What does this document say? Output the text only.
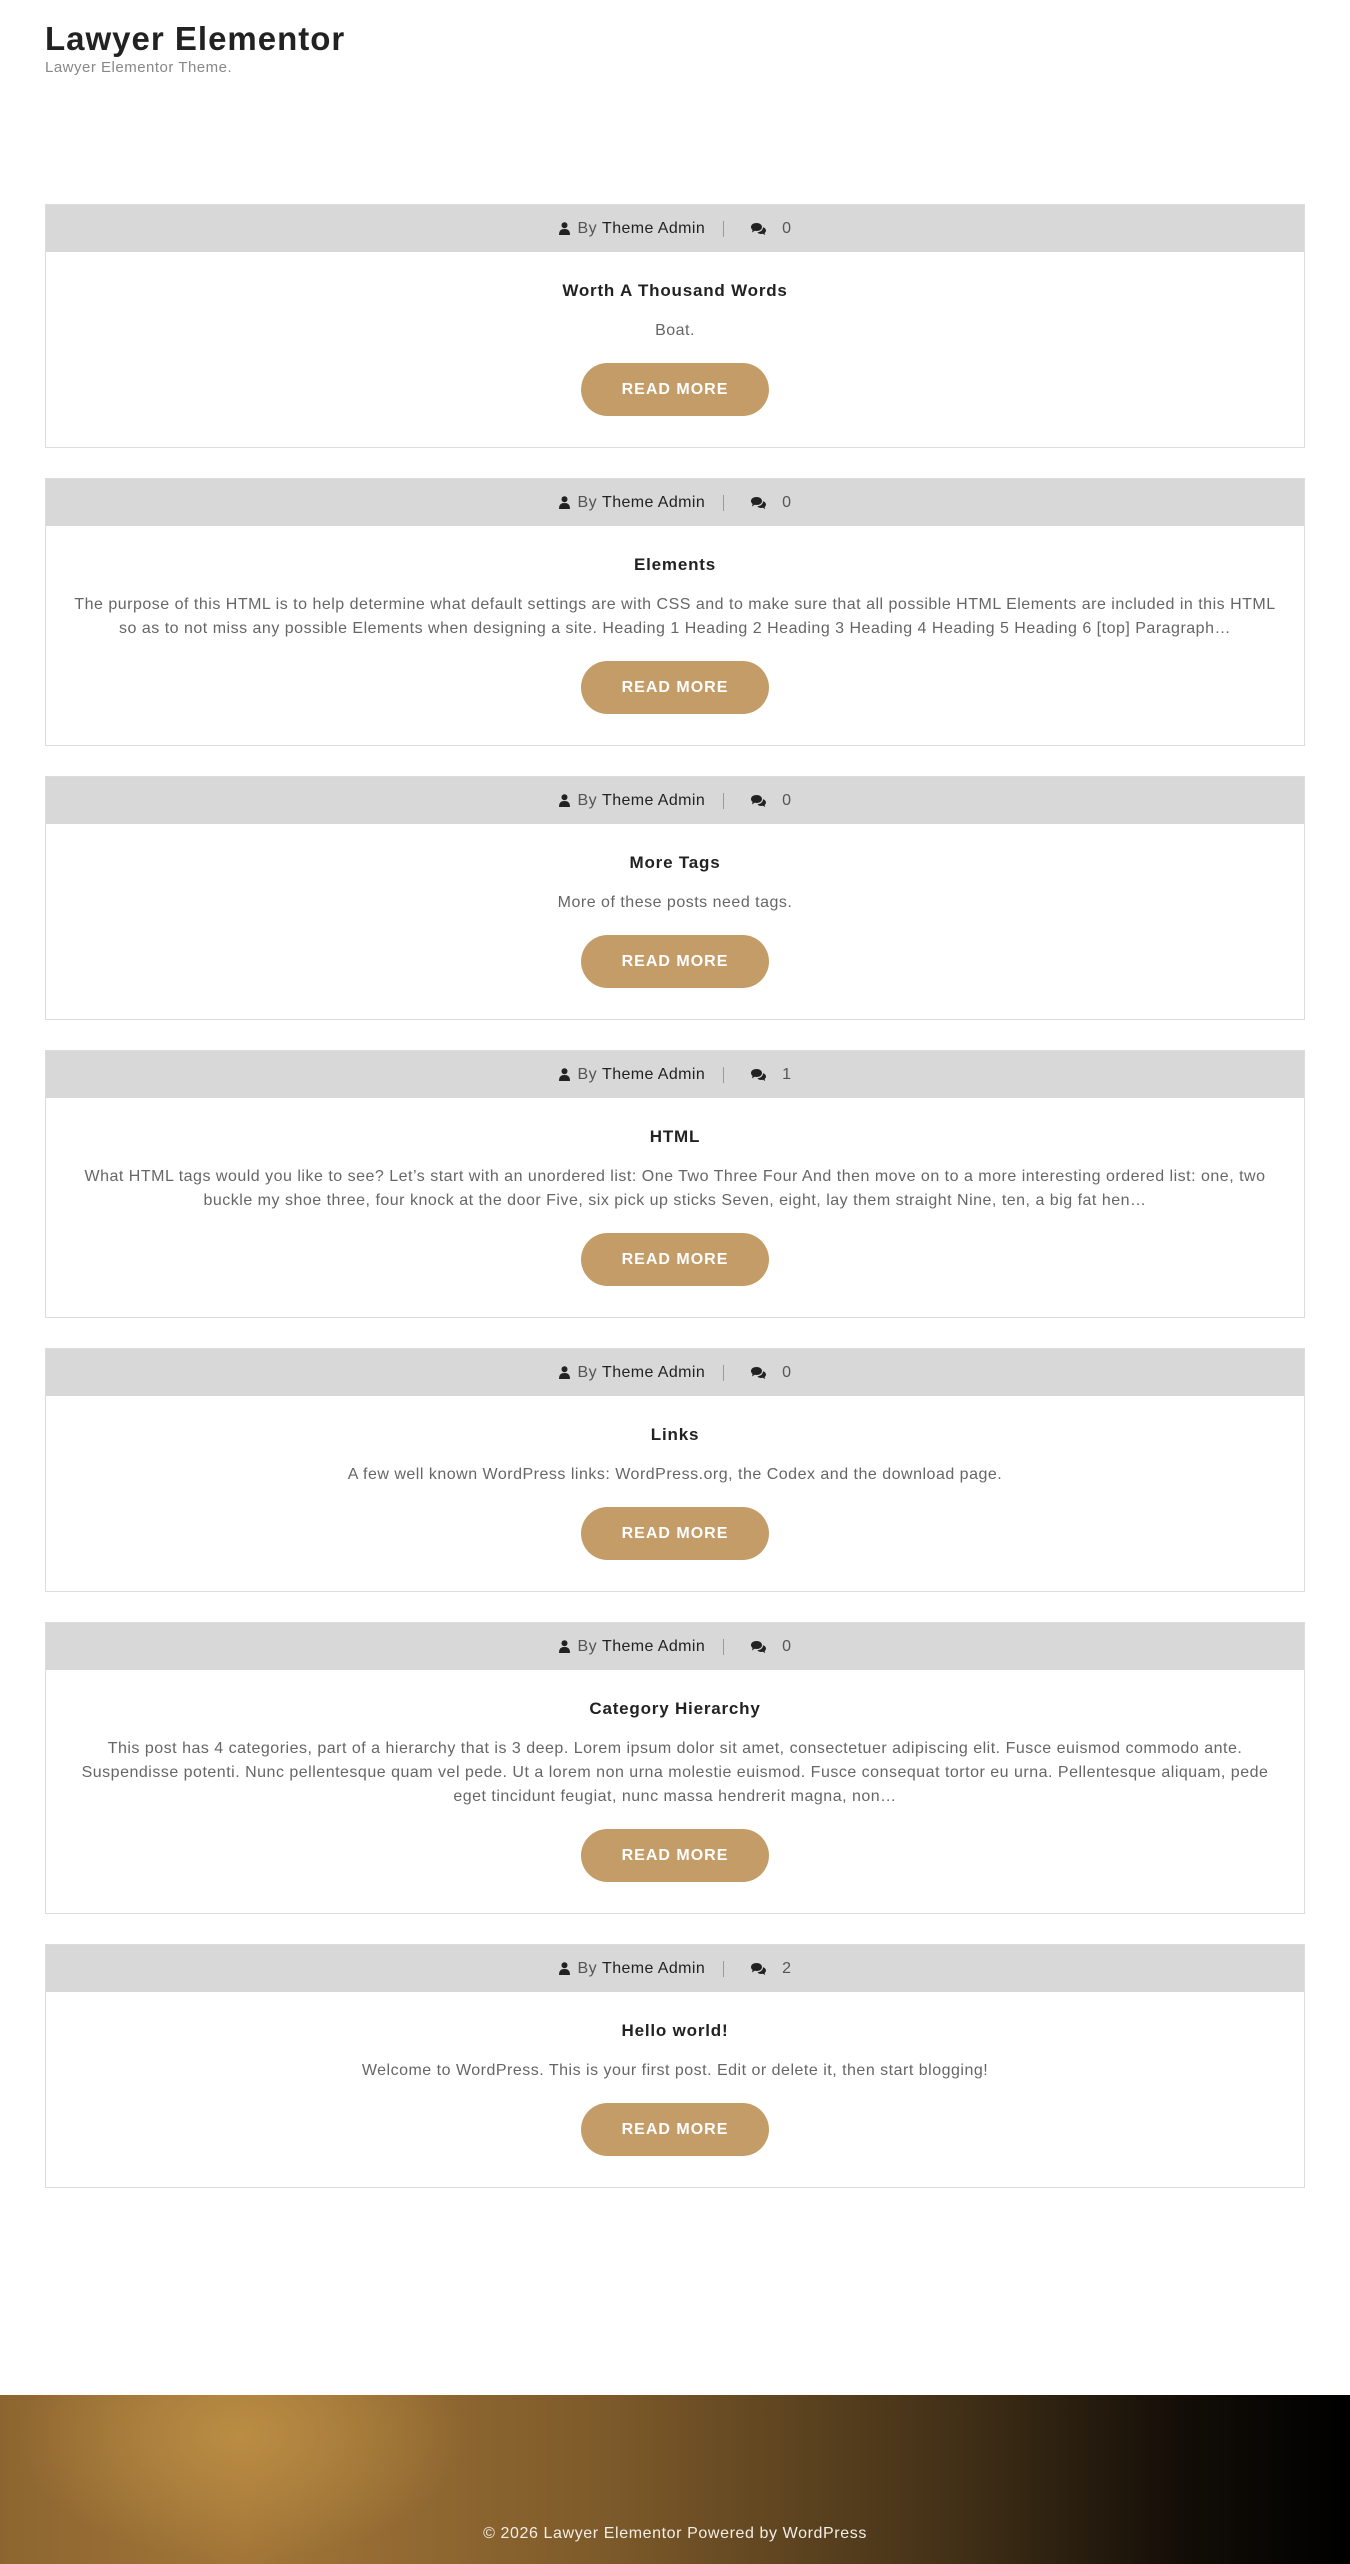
Lawyer Elementor

Lawyer Elementor Theme.

By Theme Admin	0
Worth A Thousand Words

Boat.

READ MORE
By Theme Admin	0
Elements

The purpose of this HTML is to help determine what default settings are with CSS and to make sure that all possible HTML Elements are included in this HTML so as to not miss any possible Elements when designing a site. Heading 1 Heading 2 Heading 3 Heading 4 Heading 5 Heading 6 [top] Paragraph…

READ MORE
By Theme Admin	0
More Tags

More of these posts need tags.

READ MORE
By Theme Admin	1
HTML

What HTML tags would you like to see? Let’s start with an unordered list: One Two Three Four And then move on to a more interesting ordered list: one, two buckle my shoe three, four knock at the door Five, six pick up sticks Seven, eight, lay them straight Nine, ten, a big fat hen…

READ MORE
By Theme Admin	0
Links

A few well known WordPress links: WordPress.org, the Codex and the download page.

READ MORE
By Theme Admin	0
Category Hierarchy

This post has 4 categories, part of a hierarchy that is 3 deep. Lorem ipsum dolor sit amet, consectetuer adipiscing elit. Fusce euismod commodo ante. Suspendisse potenti. Nunc pellentesque quam vel pede. Ut a lorem non urna molestie euismod. Fusce consequat tortor eu urna. Pellentesque aliquam, pede eget tincidunt feugiat, nunc massa hendrerit magna, non…

READ MORE
By Theme Admin	2
Hello world!

Welcome to WordPress. This is your first post. Edit or delete it, then start blogging!

READ MORE
© 2026 Lawyer Elementor Powered by WordPress
